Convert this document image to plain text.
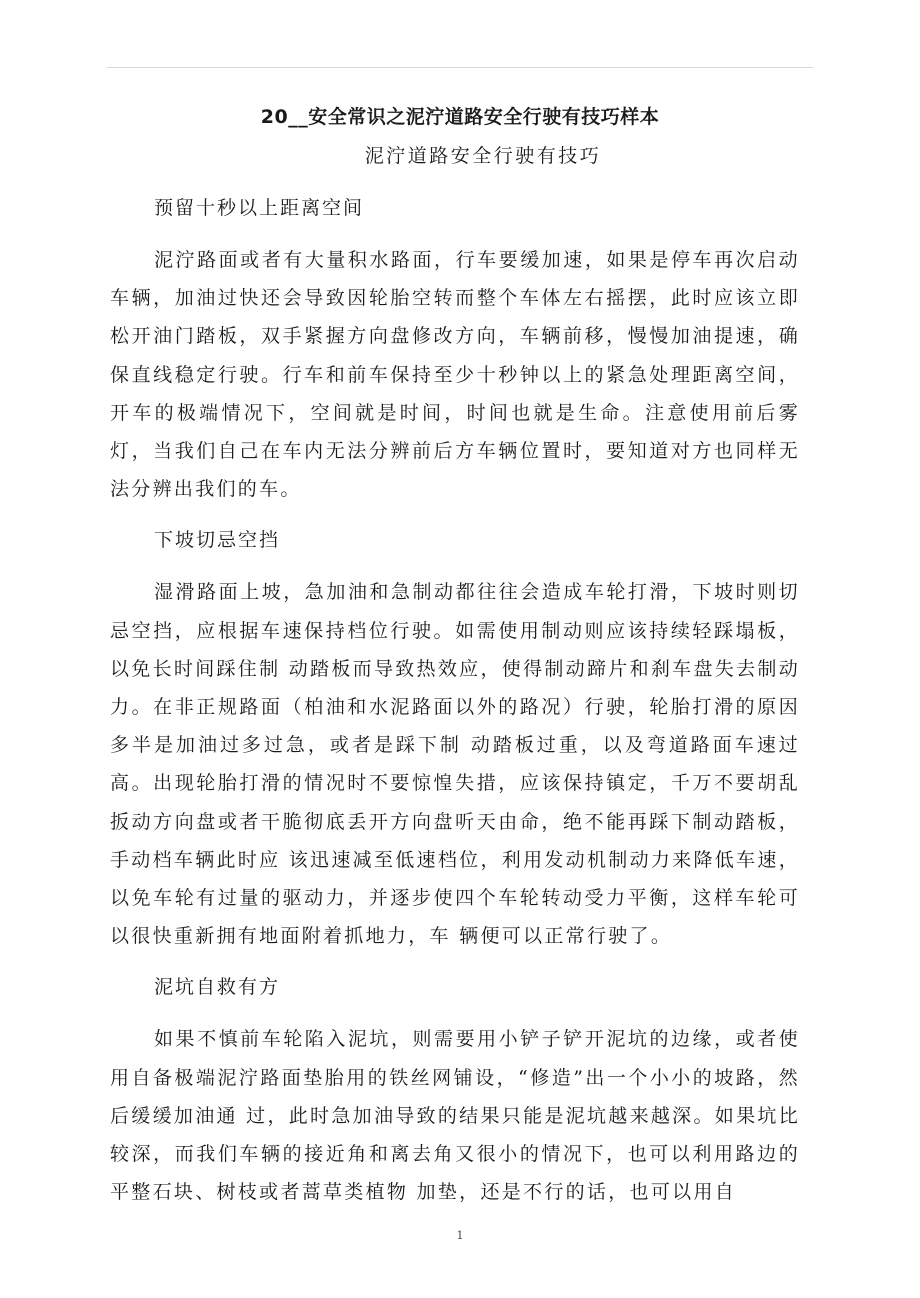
20__安全常识之泥泞道路安全行驶有技巧样本
泥泞道路安全行驶有技巧
预留十秒以上距离空间

泥泞路面或者有大量积水路面，行车要缓加速，如果是停车再次启动车辆，加油过快还会导致因轮胎空转而整个车体左右摇摆，此时应该立即松开油门踏板，双手紧握方向盘修改方向，车辆前移，慢慢加油提速，确保直线稳定行驶。行车和前车保持至少十秒钟以上的紧急处理距离空间，开车的极端情况下，空间就是时间，时间也就是生命。注意使用前后雾灯，当我们自己在车内无法分辨前后方车辆位置时，要知道对方也同样无法分辨出我们的车。

下坡切忌空挡

湿滑路面上坡，急加油和急制动都往往会造成车轮打滑，下坡时则切忌空挡，应根据车速保持档位行驶。如需使用制动则应该持续轻踩塌板，以免长时间踩住制 动踏板而导致热效应，使得制动蹄片和刹车盘失去制动力。在非正规路面（柏油和水泥路面以外的路况）行驶，轮胎打滑的原因多半是加油过多过急，或者是踩下制 动踏板过重，以及弯道路面车速过高。出现轮胎打滑的情况时不要惊惶失措，应该保持镇定，千万不要胡乱扳动方向盘或者干脆彻底丢开方向盘听天由命，绝不能再踩下制动踏板，手动档车辆此时应 该迅速减至低速档位，利用发动机制动力来降低车速，以免车轮有过量的驱动力，并逐步使四个车轮转动受力平衡，这样车轮可以很快重新拥有地面附着抓地力，车 辆便可以正常行驶了。

泥坑自救有方

如果不慎前车轮陷入泥坑，则需要用小铲子铲开泥坑的边缘，或者使用自备极端泥泞路面垫胎用的铁丝网铺设，“修造”出一个小小的坡路，然后缓缓加油通 过，此时急加油导致的结果只能是泥坑越来越深。如果坑比较深，而我们车辆的接近角和离去角又很小的情况下，也可以利用路边的平整石块、树枝或者蒿草类植物 加垫，还是不行的话，也可以用自

1
